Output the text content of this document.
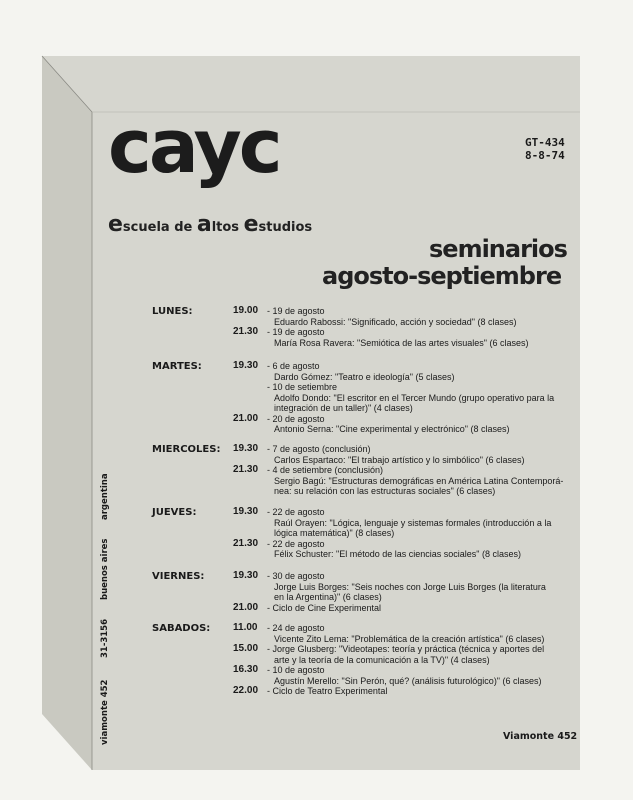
cayc	GT-434
8-8-74
escuela de altos estudios
seminarios
agosto-septiembre
LUNES:	19.00 - 19 de agosto
Eduardo Rabossi: "Significado, acción y sociedad" (8 clases)
21.30 - 19 de agosto
María Rosa Ravera: "Semiótica de las artes visuales" (6 clases)
MARTES:	19.30 - 6 de agosto
Dardo Gómez: "Teatro e ideología" (5 clases)
- 10 de setiembre
Adolfo Dondo: "El escritor en el Tercer Mundo (grupo operativo para la
integración de un taller)" (4 clases)
21.00 - 20 de agosto
Antonio Serna: "Cine experimental y electrónico" (8 clases)
MIERCOLES: 19.30 - 7 de agosto (conclusión)
Carlos Espartaco: "El trabajo artístico y lo simbólico" (6 clases)
21.30 - 4 de setiembre (conclusión)
Sergio Bagú: "Estructuras demográficas en América Latina Contemporá-
nea: su relación con las estructuras sociales" (6 clases)
JUEVES:	19.30 - 22 de agosto
Raúl Orayen: "Lógica, lenguaje y sistemas formales (introducción a la
lógica matemática)" (8 clases)
21.30 - 22 de agosto
Félix Schuster: "El método de las ciencias sociales" (8 clases)
VIERNES:	19.30 - 30 de agosto
Jorge Luis Borges: "Seis noches con Jorge Luis Borges (la literatura
en la Argentina)" (6 clases)
21.00 - Ciclo de Cine Experimental
SABADOS: 11.00 - 24 de agosto
Vicente Zito Lema: "Problemática de la creación artística" (6 clases)
15.00 - Jorge Glusberg: "Videotapes: teoría y práctica (técnica y aportes del
arte y la teoría de la comunicación a la TV)" (4 clases)
16.30 - 10 de agosto
Agustín Merello: "Sin Perón, qué? (análisis futurológico)" (6 clases)
22.00 - Ciclo de Teatro Experimental
viamonte 452
31-3156
buenos aires
argentina
Viamonte 452
